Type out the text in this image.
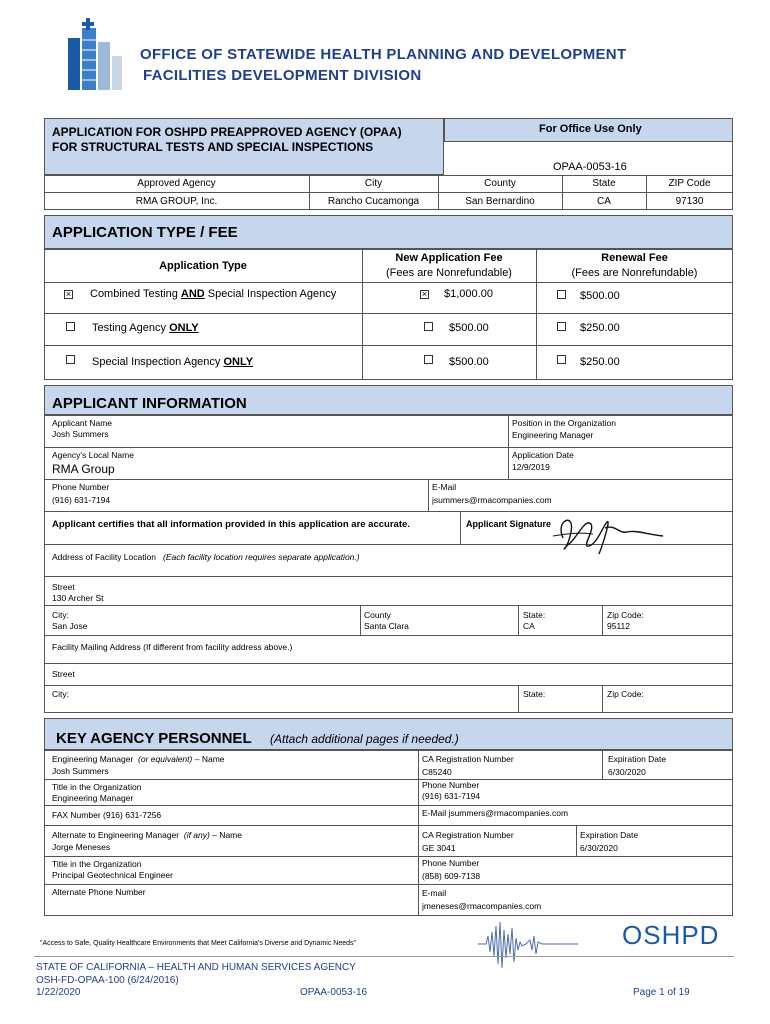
OFFICE OF STATEWIDE HEALTH PLANNING AND DEVELOPMENT
FACILITIES DEVELOPMENT DIVISION
APPLICATION FOR OSHPD PREAPPROVED AGENCY (OPAA)
FOR STRUCTURAL TESTS AND SPECIAL INSPECTIONS
For Office Use Only
OPAA-0053-16
Approved Agency	City	County	State	ZIP Code
RMA GROUP, Inc.	Rancho Cucamonga	San Bernardino	CA	97130
APPLICATION TYPE / FEE
Application Type
New Application Fee
(Fees are Nonrefundable)
Renewal Fee
(Fees are Nonrefundable)
× Combined Testing AND Special Inspection Agency	× $1,000.00	$500.00
Testing Agency ONLY	$500.00	$250.00
Special Inspection Agency ONLY	$500.00	$250.00
APPLICANT INFORMATION
Applicant Name
Josh Summers
Position in the Organization
Engineering Manager
Agency's Local Name
RMA Group
Application Date
12/9/2019
Phone Number
(916) 631-7194
E-Mail
jsummers@rmacompanies.com
Applicant certifies that all information provided in this application are accurate.	Applicant Signature
Address of Facility Location (Each facility location requires separate application.)
Street
130 Archer St
City:
San Jose
County
Santa Clara
State:
CA
Zip Code:
95112
Facility Mailing Address (If different from facility address above.)
Street
City:	State:	Zip Code:
KEY AGENCY PERSONNEL (Attach additional pages if needed.)
Engineering Manager (or equivalent) – Name
Josh Summers
CA Registration Number
C85240
Expiration Date
6/30/2020
Title in the Organization
Engineering Manager
Phone Number
(916) 631-7194
FAX Number (916) 631-7256	E-Mail jsummers@rmacompanies.com
Alternate to Engineering Manager (if any) – Name
Jorge Meneses
CA Registration Number
GE 3041
Expiration Date
6/30/2020
Title in the Organization
Principal Geotechnical Engineer
Phone Number
(858) 609-7138
Alternate Phone Number	E-mail
jmeneses@rmacompanies.com
"Access to Safe, Quality Healthcare Environments that Meet California's Diverse and Dynamic Needs"	OSHPD
STATE OF CALIFORNIA – HEALTH AND HUMAN SERVICES AGENCY
OSH-FD-OPAA-100 (6/24/2016)
1/22/2020	OPAA-0053-16	Page 1 of 19
